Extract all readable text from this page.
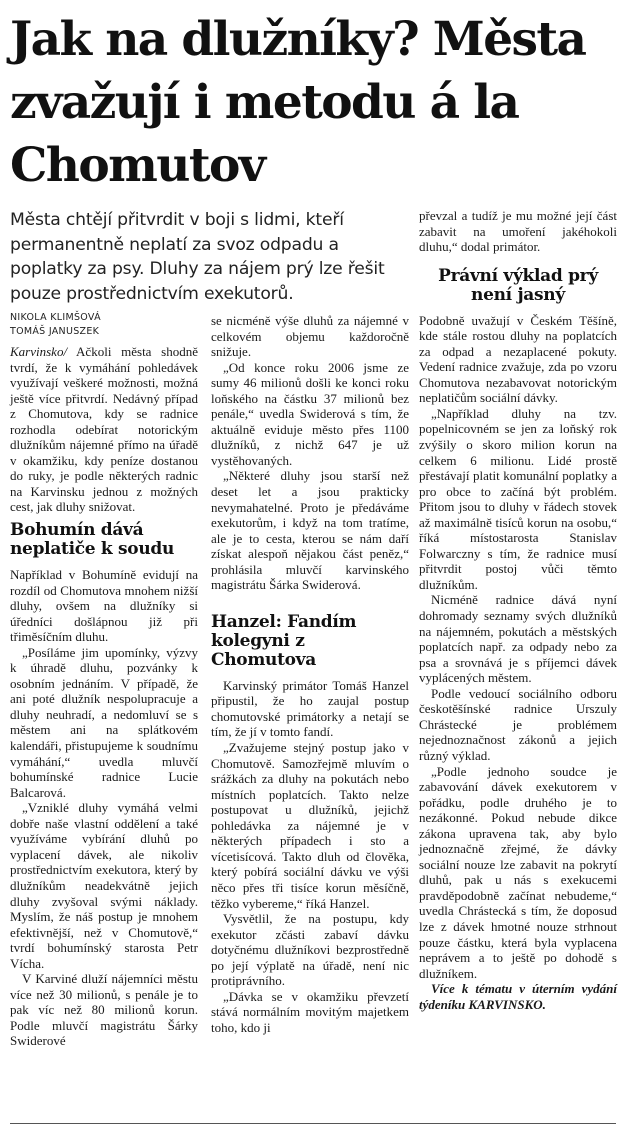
Jak na dlužníky? Města zvažují i metodu á la Chomutov

Města chtějí přitvrdit v boji s lidmi, kteří permanentně neplatí za svoz odpadu a poplatky za psy. Dluhy za nájem prý lze řešit pouze prostřednictvím exekutorů.

NIKOLA KLIMŠOVÁ
TOMÁŠ JANUSZEK

Karvinsko/ Ačkoli města shodně tvrdí, že k vymáhání pohledávek využívají veškeré možnosti, možná ještě více přitvrdí. Nedávný případ z Chomutova, kdy se radnice rozhodla odebírat notorickým dlužníkům nájemné přímo na úřadě v okamžiku, kdy peníze dostanou do ruky, je podle některých radnic na Karvinsku jednou z možných cest, jak dluhy snižovat.

Bohumín dává neplatiče k soudu

Například v Bohumíně evidují na rozdíl od Chomutova mnohem nižší dluhy, ovšem na dlužníky si úředníci došlápnou již při třiměsíčním dluhu.

„Posíláme jim upomínky, výzvy k úhradě dluhu, pozvánky k osobním jednáním. V případě, že ani poté dlužník nespolupracuje a dluhy neuhradí, a nedomluví se s městem ani na splátkovém kalendáři, přistupujeme k soudnímu vymáhání,“ uvedla mluvčí bohumínské radnice Lucie Balcarová.

„Vzniklé dluhy vymáhá velmi dobře naše vlastní oddělení a také využíváme vybírání dluhů po vyplacení dávek, ale nikoliv prostřednictvím exekutora, který by dlužníkům neadekvátně jejich dluhy zvyšoval svými náklady. Myslím, že náš postup je mnohem efektivnější, než v Chomutově,“ tvrdí bohumínský starosta Petr Vícha.

V Karviné dluží nájemníci městu více než 30 milionů, s penále je to pak víc než 80 milionů korun. Podle mluvčí magistrátu Šárky Swiderové

se nicméně výše dluhů za nájemné v celkovém objemu každoročně snižuje.

„Od konce roku 2006 jsme ze sumy 46 milionů došli ke konci roku loňského na částku 37 milionů bez penále,“ uvedla Swiderová s tím, že aktuálně eviduje město přes 1100 dlužníků, z nichž 647 je už vystěhovaných.

„Některé dluhy jsou starší než deset let a jsou prakticky nevymahatelné. Proto je předáváme exekutorům, i když na tom tratíme, ale je to cesta, kterou se nám daří získat alespoň nějakou část peněz,“ prohlásila mluvčí karvinského magistrátu Šárka Swiderová.

Hanzel: Fandím kolegyni z Chomutova

Karvinský primátor Tomáš Hanzel připustil, že ho zaujal postup chomutovské primátorky a netají se tím, že jí v tomto fandí.

„Zvažujeme stejný postup jako v Chomutově. Samozřejmě mluvím o srážkách za dluhy na pokutách nebo místních poplatcích. Takto nelze postupovat u dlužníků, jejichž pohledávka za nájemné je v některých případech i sto a vícetisícová. Takto dluh od člověka, který pobírá sociální dávku ve výši něco přes tři tisíce korun měsíčně, těžko vybereme,“ říká Hanzel.

Vysvětlil, že na postupu, kdy exekutor zčásti zabaví dávku dotyčnému dlužníkovi bezprostředně po její výplatě na úřadě, není nic protiprávního.

„Dávka se v okamžiku převzetí stává normálním movitým majetkem toho, kdo ji

převzal a tudíž je mu možné její část zabavit na umoření jakéhokoli dluhu,“ dodal primátor.

Právní výklad prý není jasný

Podobně uvažují v Českém Těšíně, kde stále rostou dluhy na poplatcích za odpad a nezaplacené pokuty. Vedení radnice zvažuje, zda po vzoru Chomutova nezabavovat notorickým neplatičům sociální dávky.

„Například dluhy na tzv. popelnicovném se jen za loňský rok zvýšily o skoro milion korun na celkem 6 milionu. Lidé prostě přestávají platit komunální poplatky a pro obce to začíná být problém. Přitom jsou to dluhy v řádech stovek až maximálně tisíců korun na osobu,“ říká místostarosta Stanislav Folwarczny s tím, že radnice musí přitvrdit postoj vůči těmto dlužníkům.

Nicméně radnice dává nyní dohromady seznamy svých dlužníků na nájemném, pokutách a městských poplatcích např. za odpady nebo za psa a srovnává je s příjemci dávek vyplácených městem.

Podle vedoucí sociálního odboru českotěšínské radnice Urszuly Chrástecké je problémem nejednoznačnost zákonů a jejich různý výklad.

„Podle jednoho soudce je zabavování dávek exekutorem v pořádku, podle druhého je to nezákonné. Pokud nebude dikce zákona upravena tak, aby bylo jednoznačně zřejmé, že dávky sociální nouze lze zabavit na pokrytí dluhů, pak u nás s exekucemi pravděpodobně začínat nebudeme,“ uvedla Chrástecká s tím, že doposud lze z dávek hmotné nouze strhnout pouze částku, která byla vyplacena neprávem a to ještě po dohodě s dlužníkem.

Více k tématu v úterním vydání týdeníku KARVINSKO.
